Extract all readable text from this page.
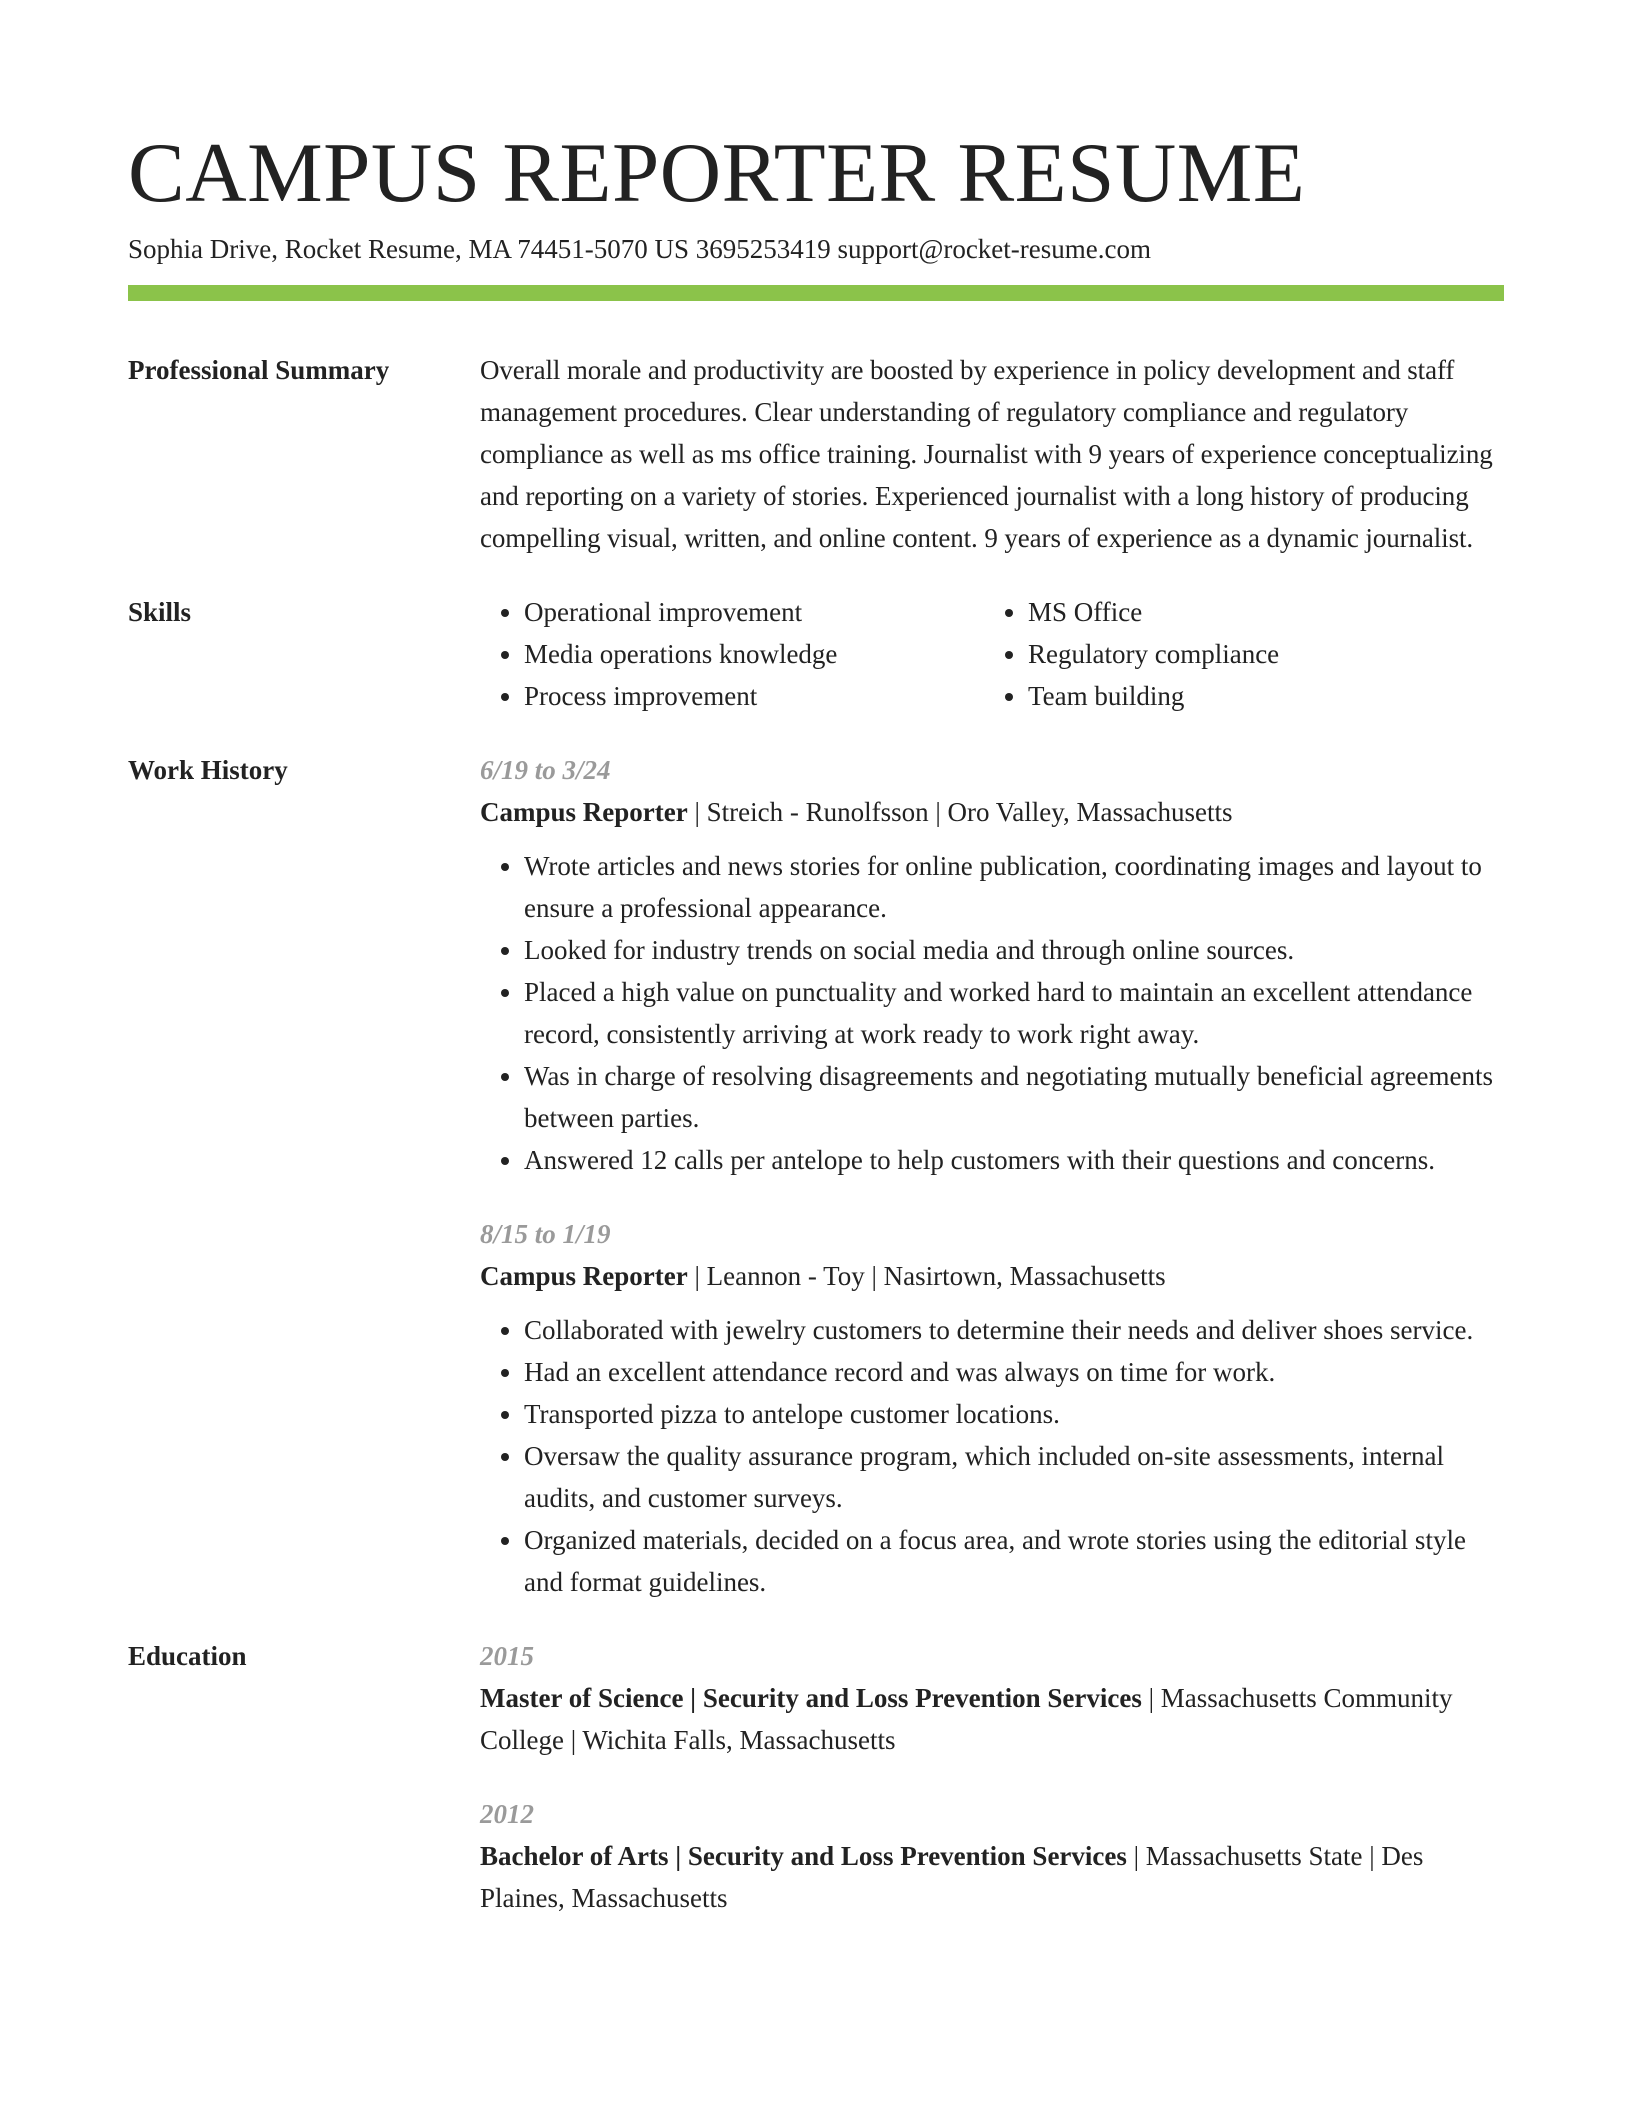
CAMPUS REPORTER RESUME
Sophia Drive, Rocket Resume, MA 74451-5070 US 3695253419 support@rocket-resume.com
Professional Summary	Overall morale and productivity are boosted by experience in policy development and staff management procedures. Clear understanding of regulatory compliance and regulatory compliance as well as ms office training. Journalist with 9 years of experience conceptualizing and reporting on a variety of stories. Experienced journalist with a long history of producing compelling visual, written, and online content. 9 years of experience as a dynamic journalist.

Skills
•	Operational improvement
• Media operations knowledge
• Process improvement
• MS Office
• Regulatory compliance
• Team building
Work History	6/19 to 3/24
Campus Reporter | Streich - Runolfsson | Oro Valley, Massachusetts
• Wrote articles and news stories for online publication, coordinating images and layout to ensure a professional appearance.
• Looked for industry trends on social media and through online sources.
• Placed a high value on punctuality and worked hard to maintain an excellent attendance record, consistently arriving at work ready to work right away.
• Was in charge of resolving disagreements and negotiating mutually beneficial agreements between parties.
• Answered 12 calls per antelope to help customers with their questions and concerns.
8/15 to 1/19
Campus Reporter | Leannon - Toy | Nasirtown, Massachusetts
• Collaborated with jewelry customers to determine their needs and deliver shoes service.
• Had an excellent attendance record and was always on time for work.
• Transported pizza to antelope customer locations.
• Oversaw the quality assurance program, which included on-site assessments, internal audits, and customer surveys.
• Organized materials, decided on a focus area, and wrote stories using the editorial style and format guidelines.
Education	2015
Master of Science | Security and Loss Prevention Services | Massachusetts Community College | Wichita Falls, Massachusetts
2012
Bachelor of Arts | Security and Loss Prevention Services | Massachusetts State | Des Plaines, Massachusetts
